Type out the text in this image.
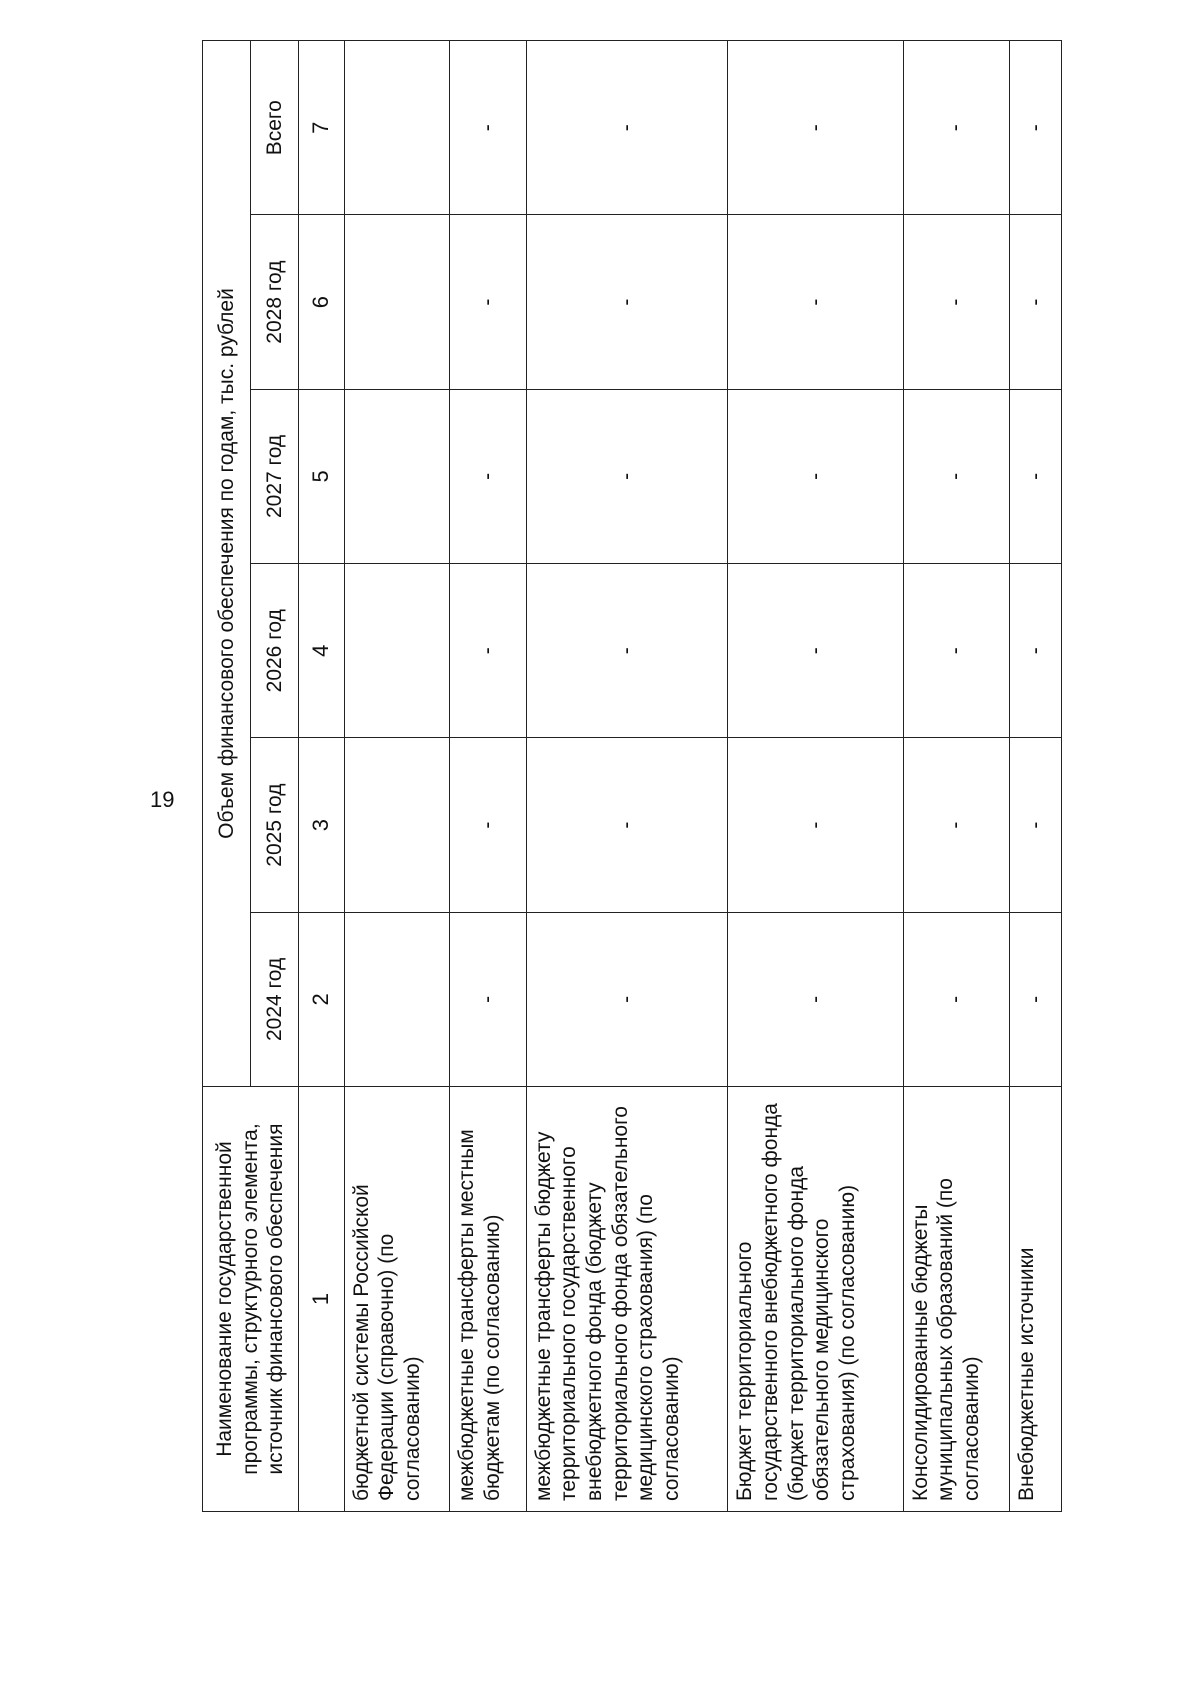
19
Наименование государственной программы, структурного элемента, источник финансового обеспечения	Объем финансового обеспечения по годам, тыс. рублей					
	2024 год	2025 год	2026 год	2027 год	2028 год	Всего
1	2	3	4	5	6	7
бюджетной системы Российской Федерации (справочно) (по согласованию)						
межбюджетные трансферты местным бюджетам (по согласованию)	-	-	-	-	-	-
межбюджетные трансферты бюджету территориального государственного внебюджетного фонда (бюджету территориального фонда обязательного медицинского страхования) (по согласованию)	-	-	-	-	-	-
Бюджет территориального государственного внебюджетного фонда (бюджет территориального фонда обязательного медицинского страхования) (по согласованию)	-	-	-	-	-	-
Консолидированные бюджеты муниципальных образований (по согласованию)	-	-	-	-	-	-
Внебюджетные источники	-	-	-	-	-	-
